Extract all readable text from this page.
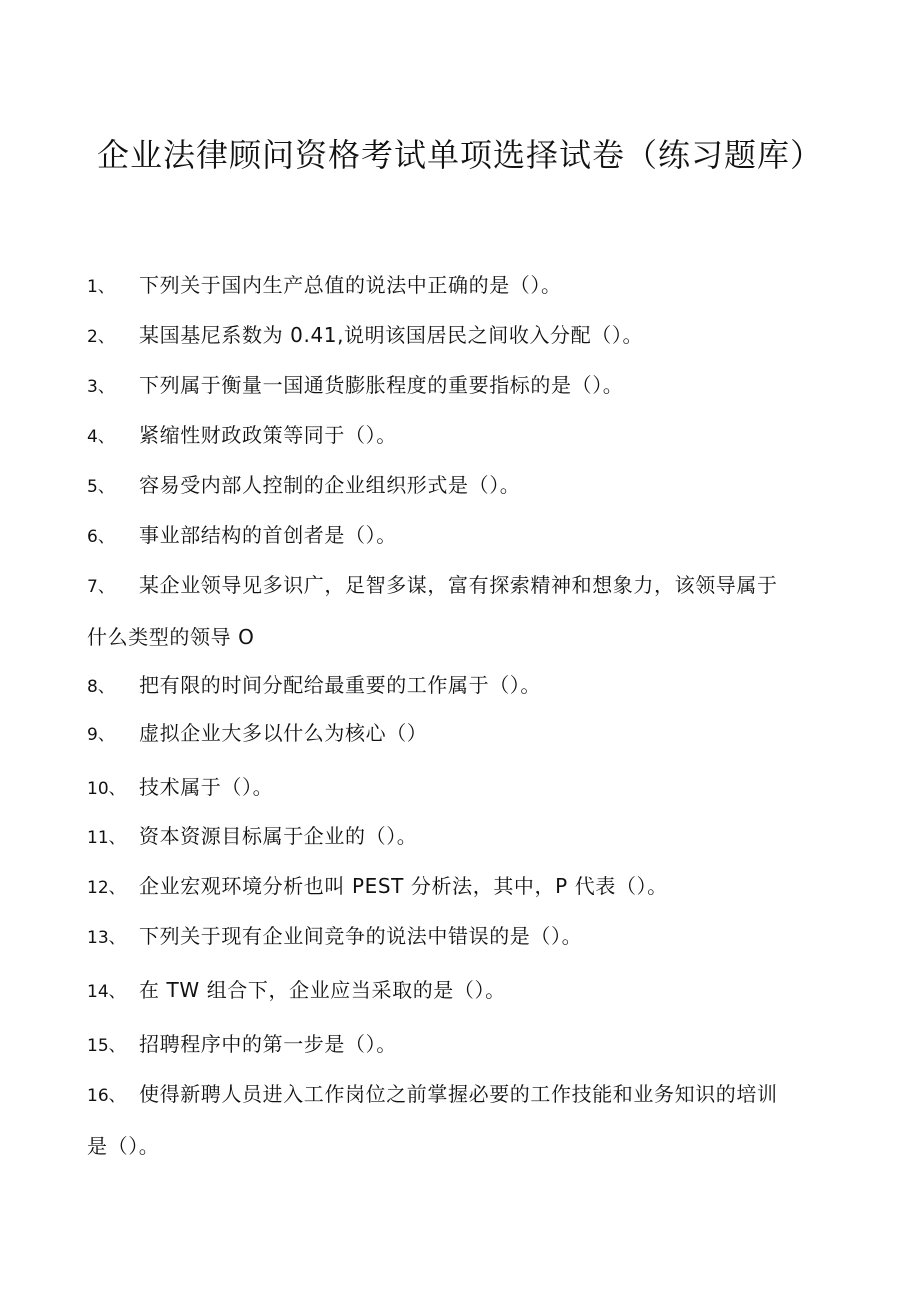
企业法律顾问资格考试单项选择试卷（练习题库）
1、 下列关于国内生产总值的说法中正确的是（）。
2、 某国基尼系数为 0.41,说明该国居民之间收入分配（）。
3、 下列属于衡量一国通货膨胀程度的重要指标的是（）。
4、 紧缩性财政政策等同于（）。
5、 容易受内部人控制的企业组织形式是（）。
6、 事业部结构的首创者是（）。
7、 某企业领导见多识广，足智多谋，富有探索精神和想象力，该领导属于
什么类型的领导 O
8、 把有限的时间分配给最重要的工作属于（）。
9、 虚拟企业大多以什么为核心（）
10、 技术属于（）。
11、 资本资源目标属于企业的（）。
12、 企业宏观环境分析也叫 PEST 分析法，其中，P 代表（）。
13、 下列关于现有企业间竞争的说法中错误的是（）。
14、 在 TW 组合下，企业应当采取的是（）。
15、 招聘程序中的第一步是（）。
16、 使得新聘人员进入工作岗位之前掌握必要的工作技能和业务知识的培训
是（）。
